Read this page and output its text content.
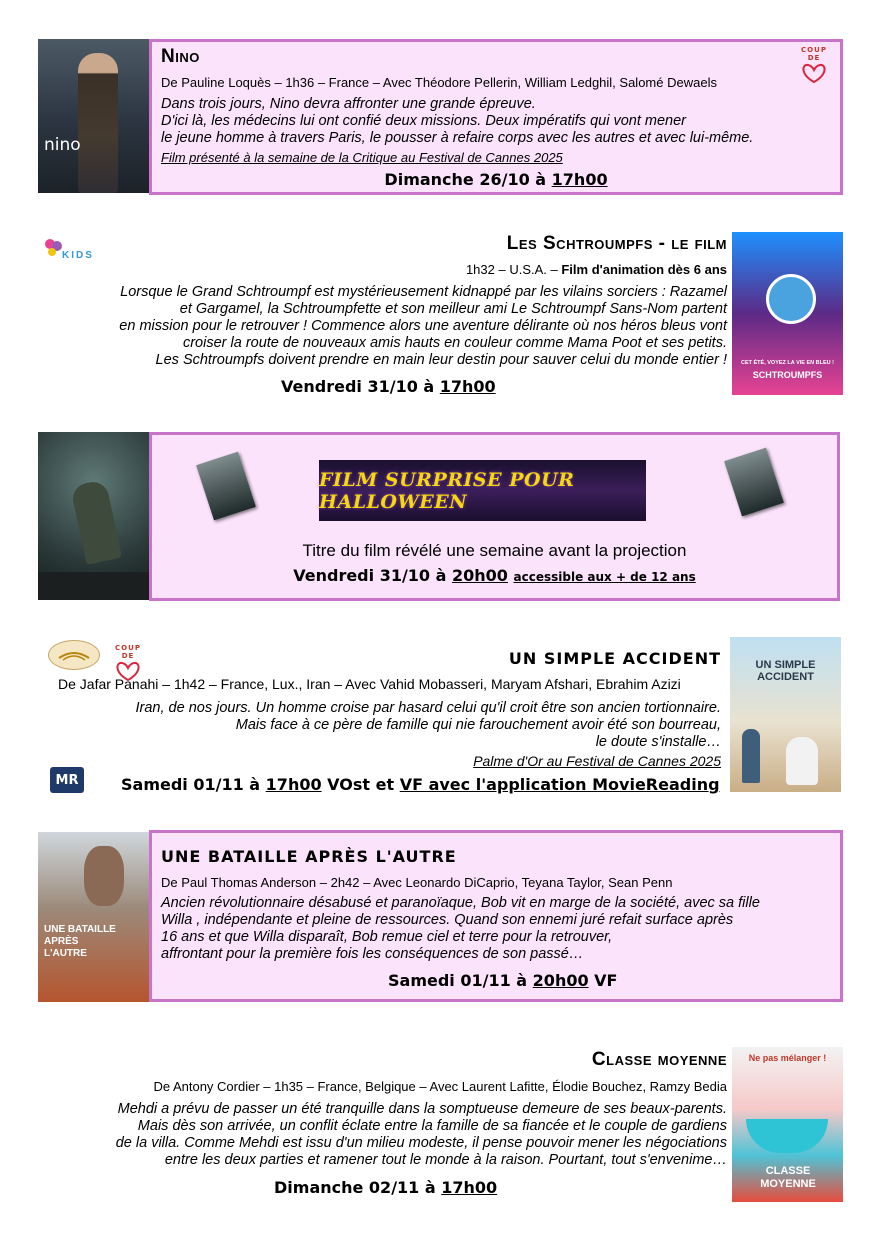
nino
Nino	COUP DE
De Pauline Loquès – 1h36 – France – Avec Théodore Pellerin, William Ledghil, Salomé Dewaels
Dans trois jours, Nino devra affronter une grande épreuve.
D'ici là, les médecins lui ont confié deux missions. Deux impératifs qui vont mener
le jeune homme à travers Paris, le pousser à refaire corps avec les autres et avec lui-même.
Film présenté à la semaine de la Critique au Festival de Cannes 2025
Dimanche 26/10 à 17h00
KIDS
Les Schtroumpfs - le film
1h32 – U.S.A. – Film d'animation dès 6 ans
Lorsque le Grand Schtroumpf est mystérieusement kidnappé par les vilains sorciers : Razamel
et Gargamel, la Schtroumpfette et son meilleur ami Le Schtroumpf Sans-Nom partent
en mission pour le retrouver ! Commence alors une aventure délirante où nos héros bleus vont
croiser la route de nouveaux amis hauts en couleur comme Mama Poot et ses petits.
Les Schtroumpfs doivent prendre en main leur destin pour sauver celui du monde entier !
Vendredi 31/10 à 17h00
CET ÉTÉ, VOYEZ LA VIE EN BLEU !
SCHTROUMPFS
FILM SURPRISE POUR HALLOWEEN
Titre du film révélé une semaine avant la projection
Vendredi 31/10 à 20h00 accessible aux + de 12 ans
COUP DE	UN SIMPLE ACCIDENT
De Jafar Panahi – 1h42 – France, Lux., Iran – Avec Vahid Mobasseri, Maryam Afshari, Ebrahim Azizi
Iran, de nos jours. Un homme croise par hasard celui qu'il croit être son ancien tortionnaire.
Mais face à ce père de famille qui nie farouchement avoir été son bourreau,
le doute s'installe…
Palme d'Or au Festival de Cannes 2025
MR	Samedi 01/11 à 17h00 VOst et VF avec l'application MovieReading
UN SIMPLE ACCIDENT
UNE BATAILLE APRÈS L'AUTRE
UNE BATAILLE APRÈS L'AUTRE
De Paul Thomas Anderson – 2h42 – Avec Leonardo DiCaprio, Teyana Taylor, Sean Penn
Ancien révolutionnaire désabusé et paranoïaque, Bob vit en marge de la société, avec sa fille
Willa , indépendante et pleine de ressources. Quand son ennemi juré refait surface après
16 ans et que Willa disparaît, Bob remue ciel et terre pour la retrouver,
affrontant pour la première fois les conséquences de son passé…
Samedi 01/11 à 20h00 VF
Classe moyenne
De Antony Cordier – 1h35 – France, Belgique – Avec Laurent Lafitte, Élodie Bouchez, Ramzy Bedia
Mehdi a prévu de passer un été tranquille dans la somptueuse demeure de ses beaux-parents.
Mais dès son arrivée, un conflit éclate entre la famille de sa fiancée et le couple de gardiens
de la villa. Comme Mehdi est issu d'un milieu modeste, il pense pouvoir mener les négociations
entre les deux parties et ramener tout le monde à la raison. Pourtant, tout s'envenime…
Dimanche 02/11 à 17h00
Ne pas mélanger !
CLASSE MOYENNE
